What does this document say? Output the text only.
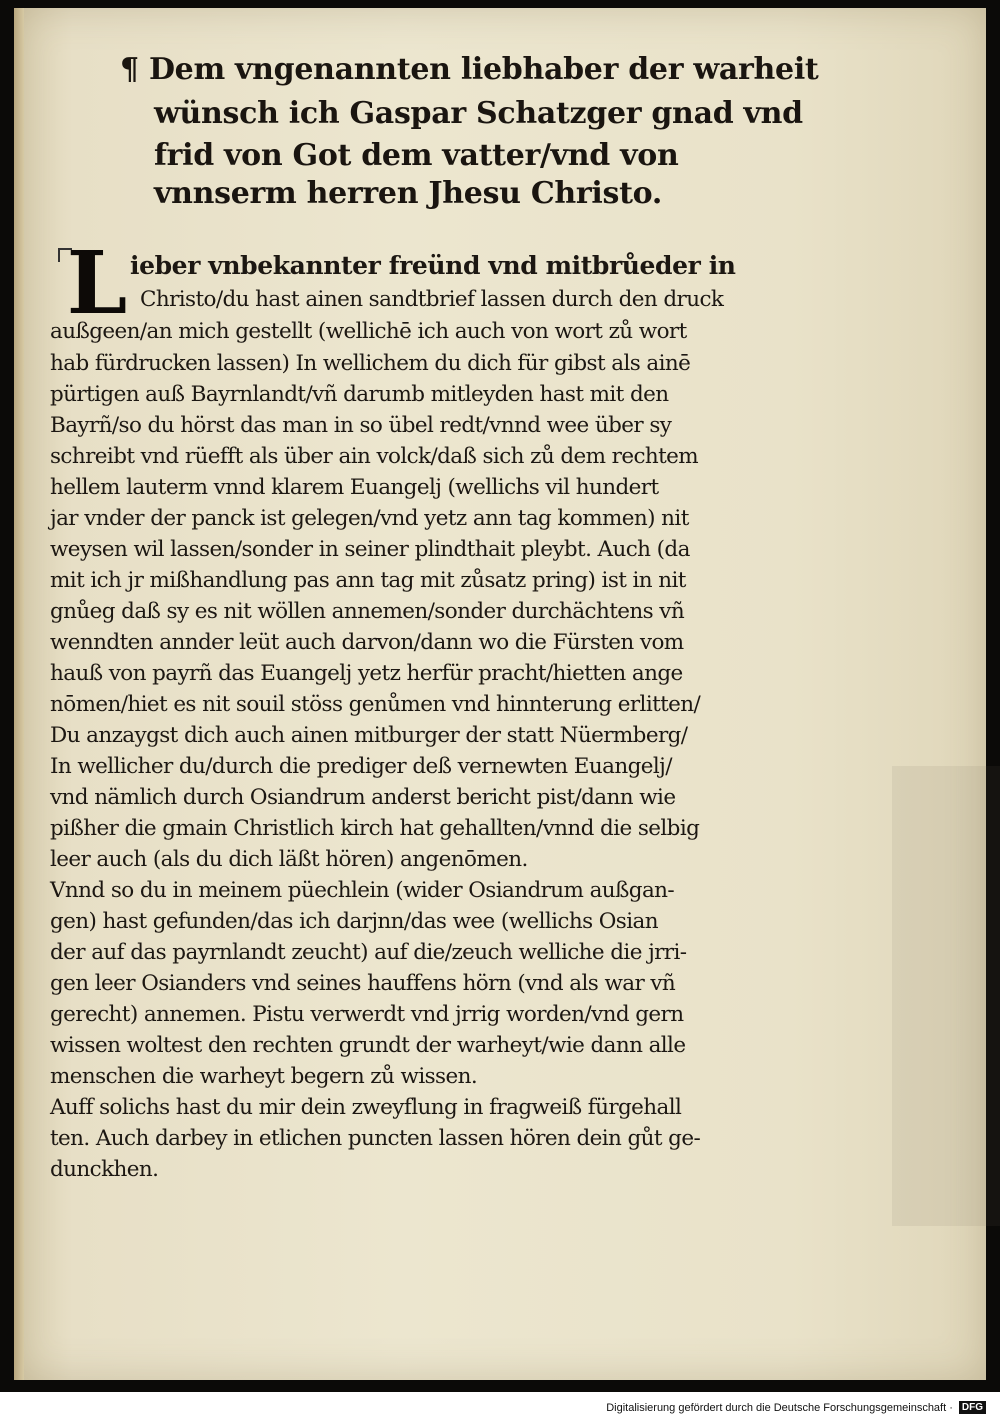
¶ Dem vngenannten liebhaber der warheit

wünsch ich Gaspar Schatzger gnad vnd

frid von Got dem vatter/vnd von

vnnserm herren Jhesu Christo.

L ieber vnbekannter freünd vnd mitbrůeder in

Christo/du hast ainen sandtbrief lassen durch den druck

außgeen/an mich gestellt (wellichē ich auch von wort zů wort

hab fürdrucken lassen) In wellichem du dich für gibst als ainē

pürtigen auß Bayrnlandt/vñ darumb mitleyden hast mit den

Bayrñ/so du hörst das man in so übel redt/vnnd wee über sy

schreibt vnd rüefft als über ain volck/daß sich zů dem rechtem

hellem lauterm vnnd klarem Euangelj (wellichs vil hundert

jar vnder der panck ist gelegen/vnd yetz ann tag kommen) nit

weysen wil lassen/sonder in seiner plindthait pleybt. Auch (da

mit ich jr mißhandlung pas ann tag mit zůsatz pring) ist in nit

gnůeg daß sy es nit wöllen annemen/sonder durchächtens vñ

wenndten annder leüt auch darvon/dann wo die Fürsten vom

hauß von payrñ das Euangelj yetz herfür pracht/hietten ange

nōmen/hiet es nit souil stöss genůmen vnd hinnterung erlitten/

Du anzaygst dich auch ainen mitburger der statt Nüermberg/

In wellicher du/durch die prediger deß vernewten Euangelj/

vnd nämlich durch Osiandrum anderst bericht pist/dann wie

pißher die gmain Christlich kirch hat gehallten/vnnd die selbig

leer auch (als du dich läßt hören) angenōmen.

Vnnd so du in meinem püechlein (wider Osiandrum außgan-

gen) hast gefunden/das ich darjnn/das wee (wellichs Osian

der auf das payrnlandt zeucht) auf die/zeuch welliche die jrri-

gen leer Osianders vnd seines hauffens hörn (vnd als war vñ

gerecht) annemen. Pistu verwerdt vnd jrrig worden/vnd gern

wissen woltest den rechten grundt der warheyt/wie dann alle

menschen die warheyt begern zů wissen.

Auff solichs hast du mir dein zweyflung in fragweiß fürgehall

ten. Auch darbey in etlichen puncten lassen hören dein gůt ge-

dunckhen.

Digitalisierung gefördert durch die Deutsche Forschungsgemeinschaft · DFG
